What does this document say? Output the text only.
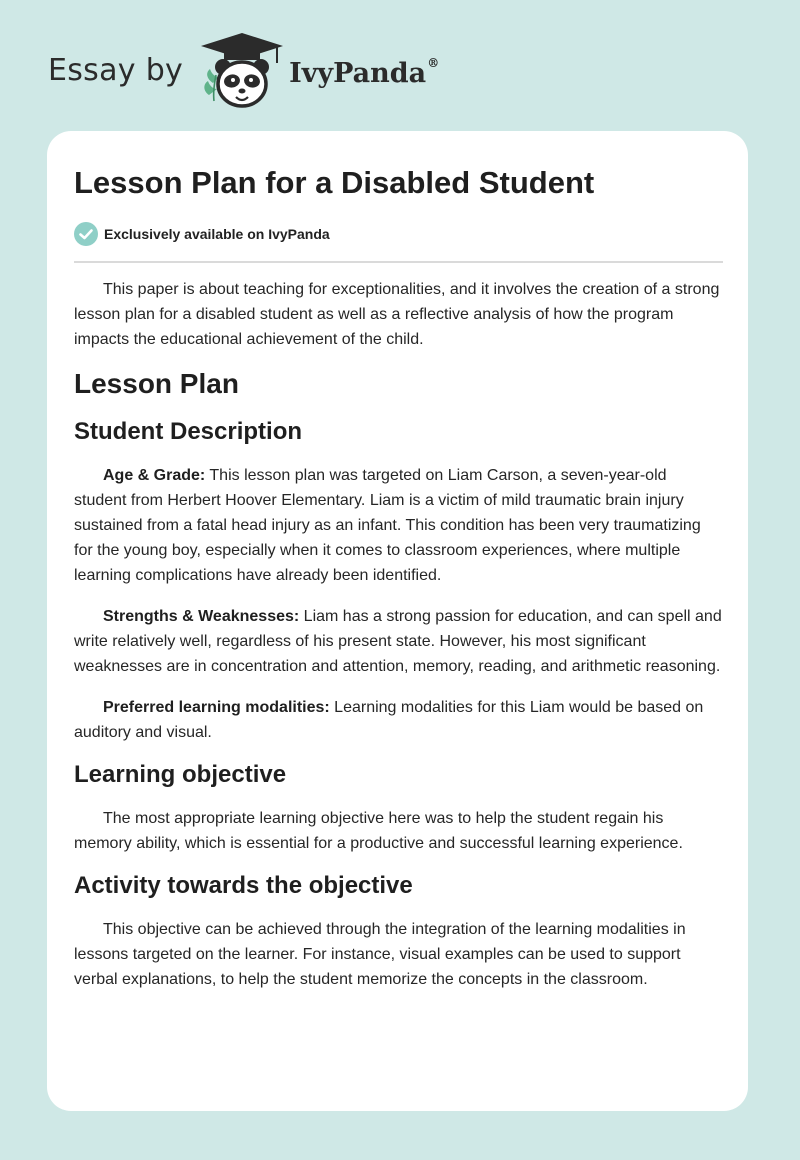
Essay by	IvyPanda®
Lesson Plan for a Disabled Student
Exclusively available on IvyPanda

This paper is about teaching for exceptionalities, and it involves the creation of a strong lesson plan for a disabled student as well as a reflective analysis of how the program impacts the educational achievement of the child.

Lesson Plan
Student Description

Age & Grade: This lesson plan was targeted on Liam Carson, a seven-year-old student from Herbert Hoover Elementary. Liam is a victim of mild traumatic brain injury sustained from a fatal head injury as an infant. This condition has been very traumatizing for the young boy, especially when it comes to classroom experiences, where multiple learning complications have already been identified.

Strengths & Weaknesses: Liam has a strong passion for education, and can spell and write relatively well, regardless of his present state. However, his most significant weaknesses are in concentration and attention, memory, reading, and arithmetic reasoning.

Preferred learning modalities: Learning modalities for this Liam would be based on auditory and visual.

Learning objective

The most appropriate learning objective here was to help the student regain his memory ability, which is essential for a productive and successful learning experience.

Activity towards the objective

This objective can be achieved through the integration of the learning modalities in lessons targeted on the learner. For instance, visual examples can be used to support verbal explanations, to help the student memorize the concepts in the classroom.
